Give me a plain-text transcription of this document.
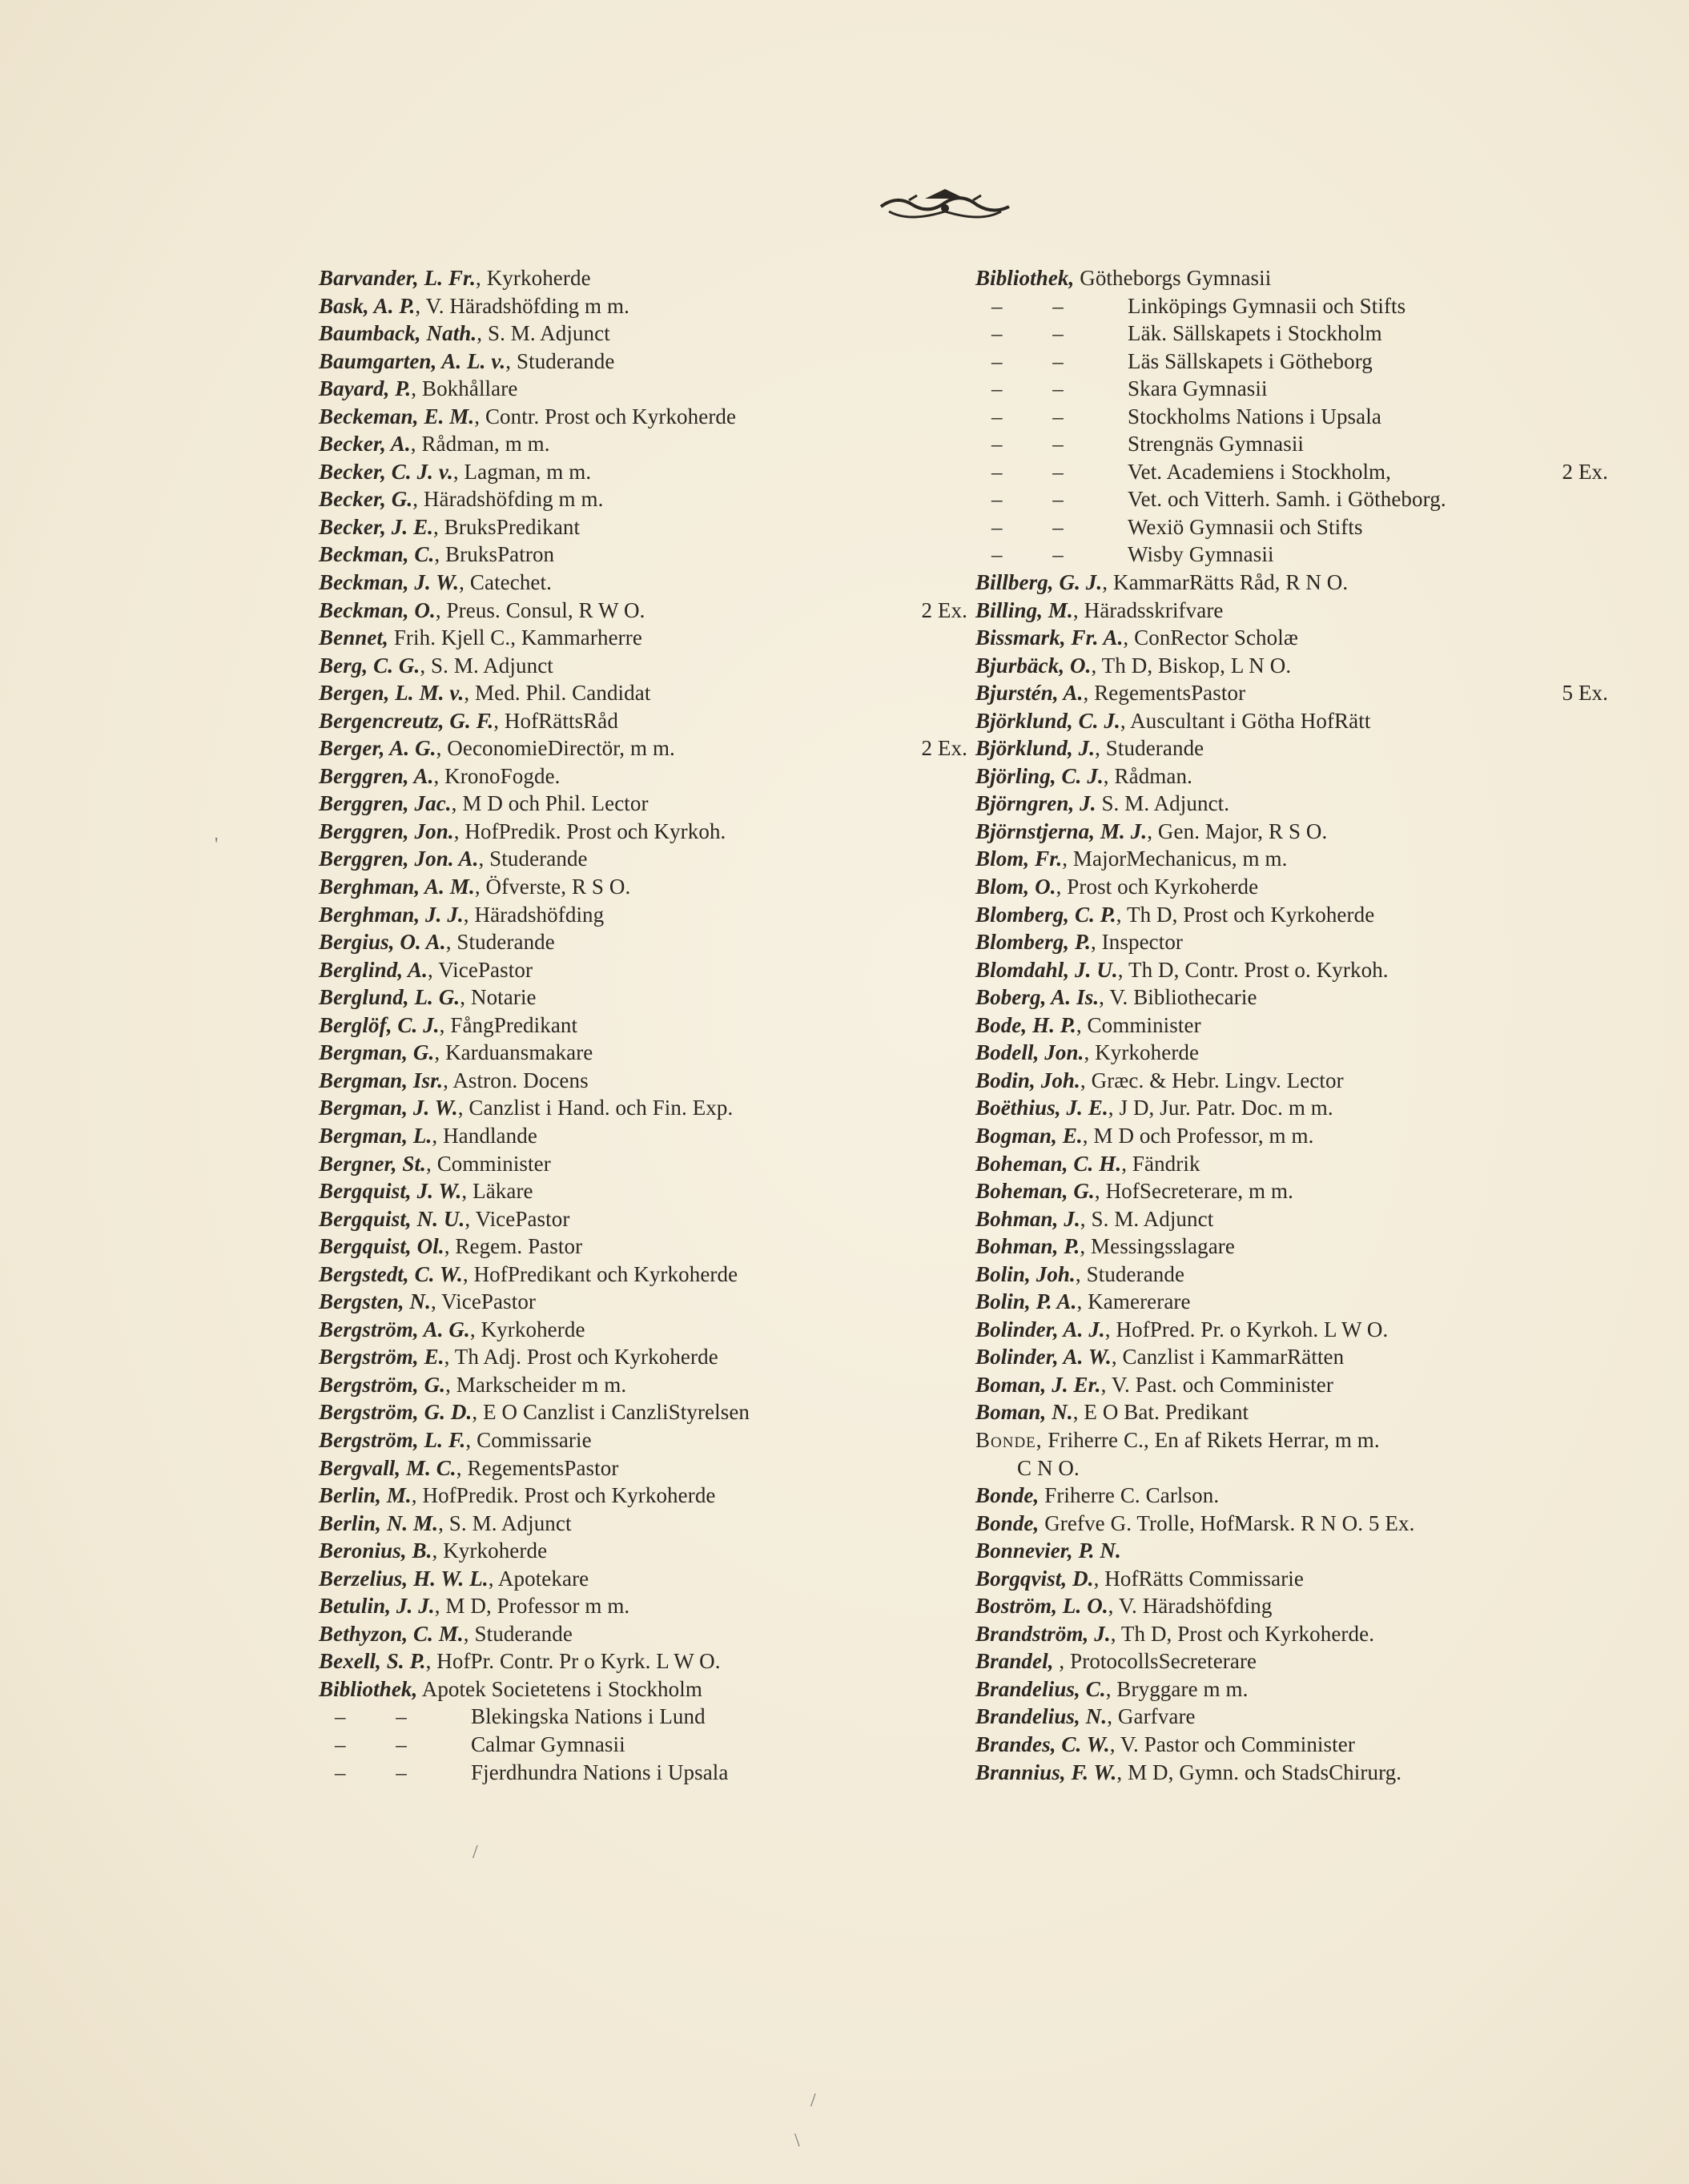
Barvander, L. Fr., Kyrkoherde
Bask, A. P., V. Häradshöfding m m.
Baumback, Nath., S. M. Adjunct
Baumgarten, A. L. v., Studerande
Bayard, P., Bokhållare
Beckeman, E. M., Contr. Prost och Kyrkoherde
Becker, A., Rådman, m m.
Becker, C. J. v., Lagman, m m.
Becker, G., Häradshöfding m m.
Becker, J. E., BruksPredikant
Beckman, C., BruksPatron
Beckman, J. W., Catechet.
Beckman, O., Preus. Consul, R W O.	2 Ex.
Bennet, Frih. Kjell C., Kammarherre
Berg, C. G., S. M. Adjunct
Bergen, L. M. v., Med. Phil. Candidat
Bergencreutz, G. F., HofRättsRåd
Berger, A. G., OeconomieDirectör, m m.	2 Ex.
Berggren, A., KronoFogde.
Berggren, Jac., M D och Phil. Lector
Berggren, Jon., HofPredik. Prost och Kyrkoh.
Berggren, Jon. A., Studerande
Berghman, A. M., Öfverste, R S O.
Berghman, J. J., Häradshöfding
Bergius, O. A., Studerande
Berglind, A., VicePastor
Berglund, L. G., Notarie
Berglöf, C. J., FångPredikant
Bergman, G., Karduansmakare
Bergman, Isr., Astron. Docens
Bergman, J. W., Canzlist i Hand. och Fin. Exp.
Bergman, L., Handlande
Bergner, St., Comminister
Bergquist, J. W., Läkare
Bergquist, N. U., VicePastor
Bergquist, Ol., Regem. Pastor
Bergstedt, C. W., HofPredikant och Kyrkoherde
Bergsten, N., VicePastor
Bergström, A. G., Kyrkoherde
Bergström, E., Th Adj. Prost och Kyrkoherde
Bergström, G., Markscheider m m.
Bergström, G. D., E O Canzlist i CanzliStyrelsen
Bergström, L. F., Commissarie
Bergvall, M. C., RegementsPastor
Berlin, M., HofPredik. Prost och Kyrkoherde
Berlin, N. M., S. M. Adjunct
Beronius, B., Kyrkoherde
Berzelius, H. W. L., Apotekare
Betulin, J. J., M D, Professor m m.
Bethyzon, C. M., Studerande
Bexell, S. P., HofPr. Contr. Pr o Kyrk. L W O.
Bibliothek, Apotek Societetens i Stockholm
– – Blekingska Nations i Lund
– – Calmar Gymnasii
– – Fjerdhundra Nations i Upsala
Bibliothek, Götheborgs Gymnasii
– – Linköpings Gymnasii och Stifts
– – Läk. Sällskapets i Stockholm
– – Läs Sällskapets i Götheborg
– – Skara Gymnasii
– – Stockholms Nations i Upsala
– – Strengnäs Gymnasii
– – Vet. Academiens i Stockholm,	2 Ex.
– – Vet. och Vitterh. Samh. i Götheborg.
– – Wexiö Gymnasii och Stifts
– – Wisby Gymnasii
Billberg, G. J., KammarRätts Råd, R N O.
Billing, M., Häradsskrifvare
Bissmark, Fr. A., ConRector Scholæ
Bjurbäck, O., Th D, Biskop, L N O.
Bjurstén, A., RegementsPastor	5 Ex.
Björklund, C. J., Auscultant i Götha HofRätt
Björklund, J., Studerande
Björling, C. J., Rådman.
Björngren, J. S. M. Adjunct.
Björnstjerna, M. J., Gen. Major, R S O.
Blom, Fr., MajorMechanicus, m m.
Blom, O., Prost och Kyrkoherde
Blomberg, C. P., Th D, Prost och Kyrkoherde
Blomberg, P., Inspector
Blomdahl, J. U., Th D, Contr. Prost o. Kyrkoh.
Boberg, A. Is., V. Bibliothecarie
Bode, H. P., Comminister
Bodell, Jon., Kyrkoherde
Bodin, Joh., Græc. & Hebr. Lingv. Lector
Boëthius, J. E., J D, Jur. Patr. Doc. m m.
Bogman, E., M D och Professor, m m.
Boheman, C. H., Fändrik
Boheman, G., HofSecreterare, m m.
Bohman, J., S. M. Adjunct
Bohman, P., Messingsslagare
Bolin, Joh., Studerande
Bolin, P. A., Kamererare
Bolinder, A. J., HofPred. Pr. o Kyrkoh. L W O.
Bolinder, A. W., Canzlist i KammarRätten
Boman, J. Er., V. Past. och Comminister
Boman, N., E O Bat. Predikant
Bonde, Friherre C., En af Rikets Herrar, m m.
C N O.
Bonde, Friherre C. Carlson.
Bonde, Grefve G. Trolle, HofMarsk. R N O. 5 Ex.
Bonnevier, P. N.
Borgqvist, D., HofRätts Commissarie
Boström, L. O., V. Häradshöfding
Brandström, J., Th D, Prost och Kyrkoherde.
Brandel, , ProtocollsSecreterare
Brandelius, C., Bryggare m m.
Brandelius, N., Garfvare
Brandes, C. W., V. Pastor och Comminister
Brannius, F. W., M D, Gymn. och StadsChirurg.
'
/
/
\
